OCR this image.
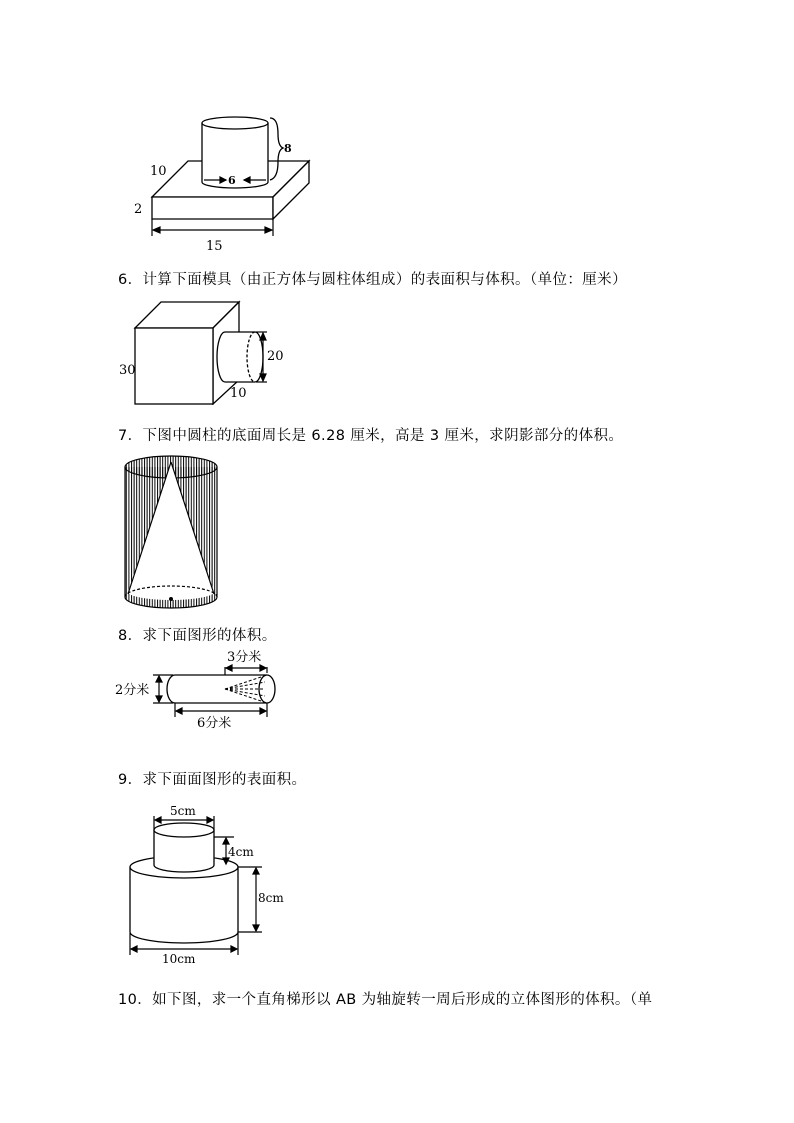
8
10
6
2
15
6．计算下面模具（由正方体与圆柱体组成）的表面积与体积。（单位：厘米）
30
20
10
7．下图中圆柱的底面周长是 6.28 厘米，高是 3 厘米，求阴影部分的体积。
8．求下面图形的体积。
3分米
2分米
6分米
9．求下面面图形的表面积。
5cm
4cm
8cm
10cm
10．如下图，求一个直角梯形以 AB 为轴旋转一周后形成的立体图形的体积。（单
